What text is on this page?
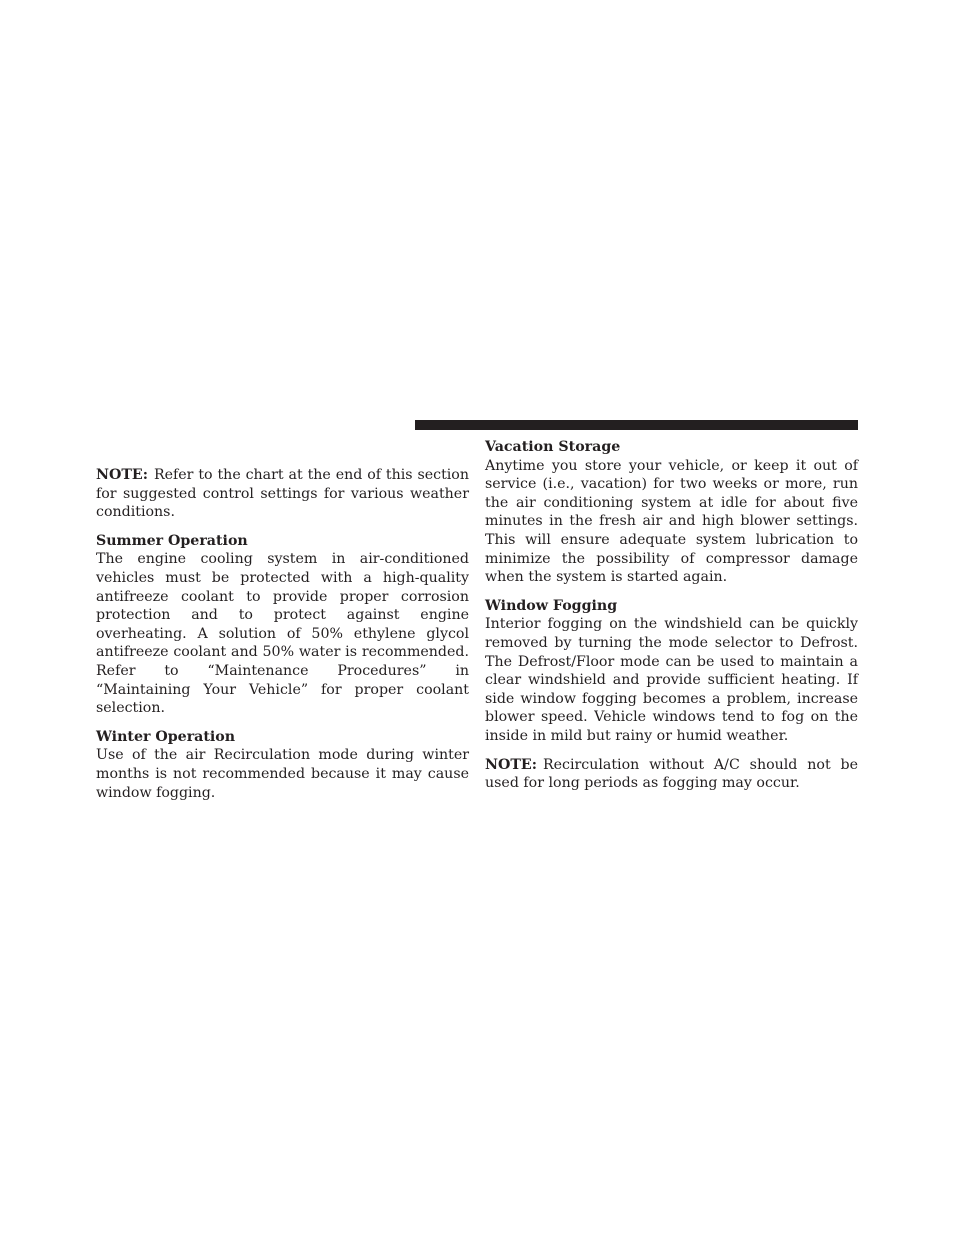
NOTE: Refer to the chart at the end of this section for suggested control settings for various weather conditions.

Summer Operation

The engine cooling system in air-conditioned vehicles must be protected with a high-quality antifreeze coolant to provide proper corrosion protection and to protect against engine overheating. A solution of 50% ethylene glycol antifreeze coolant and 50% water is recommended. Refer to “Maintenance Procedures” in “Maintaining Your Vehicle” for proper coolant selection.

Winter Operation

Use of the air Recirculation mode during winter months is not recommended because it may cause window fogging.

Vacation Storage

Anytime you store your vehicle, or keep it out of service (i.e., vacation) for two weeks or more, run the air conditioning system at idle for about five minutes in the fresh air and high blower settings. This will ensure adequate system lubrication to minimize the possibility of compressor damage when the system is started again.

Window Fogging

Interior fogging on the windshield can be quickly removed by turning the mode selector to Defrost. The Defrost/Floor mode can be used to maintain a clear windshield and provide sufficient heating. If side window fogging becomes a problem, increase blower speed. Vehicle windows tend to fog on the inside in mild but rainy or humid weather.

NOTE: Recirculation without A/C should not be used for long periods as fogging may occur.
